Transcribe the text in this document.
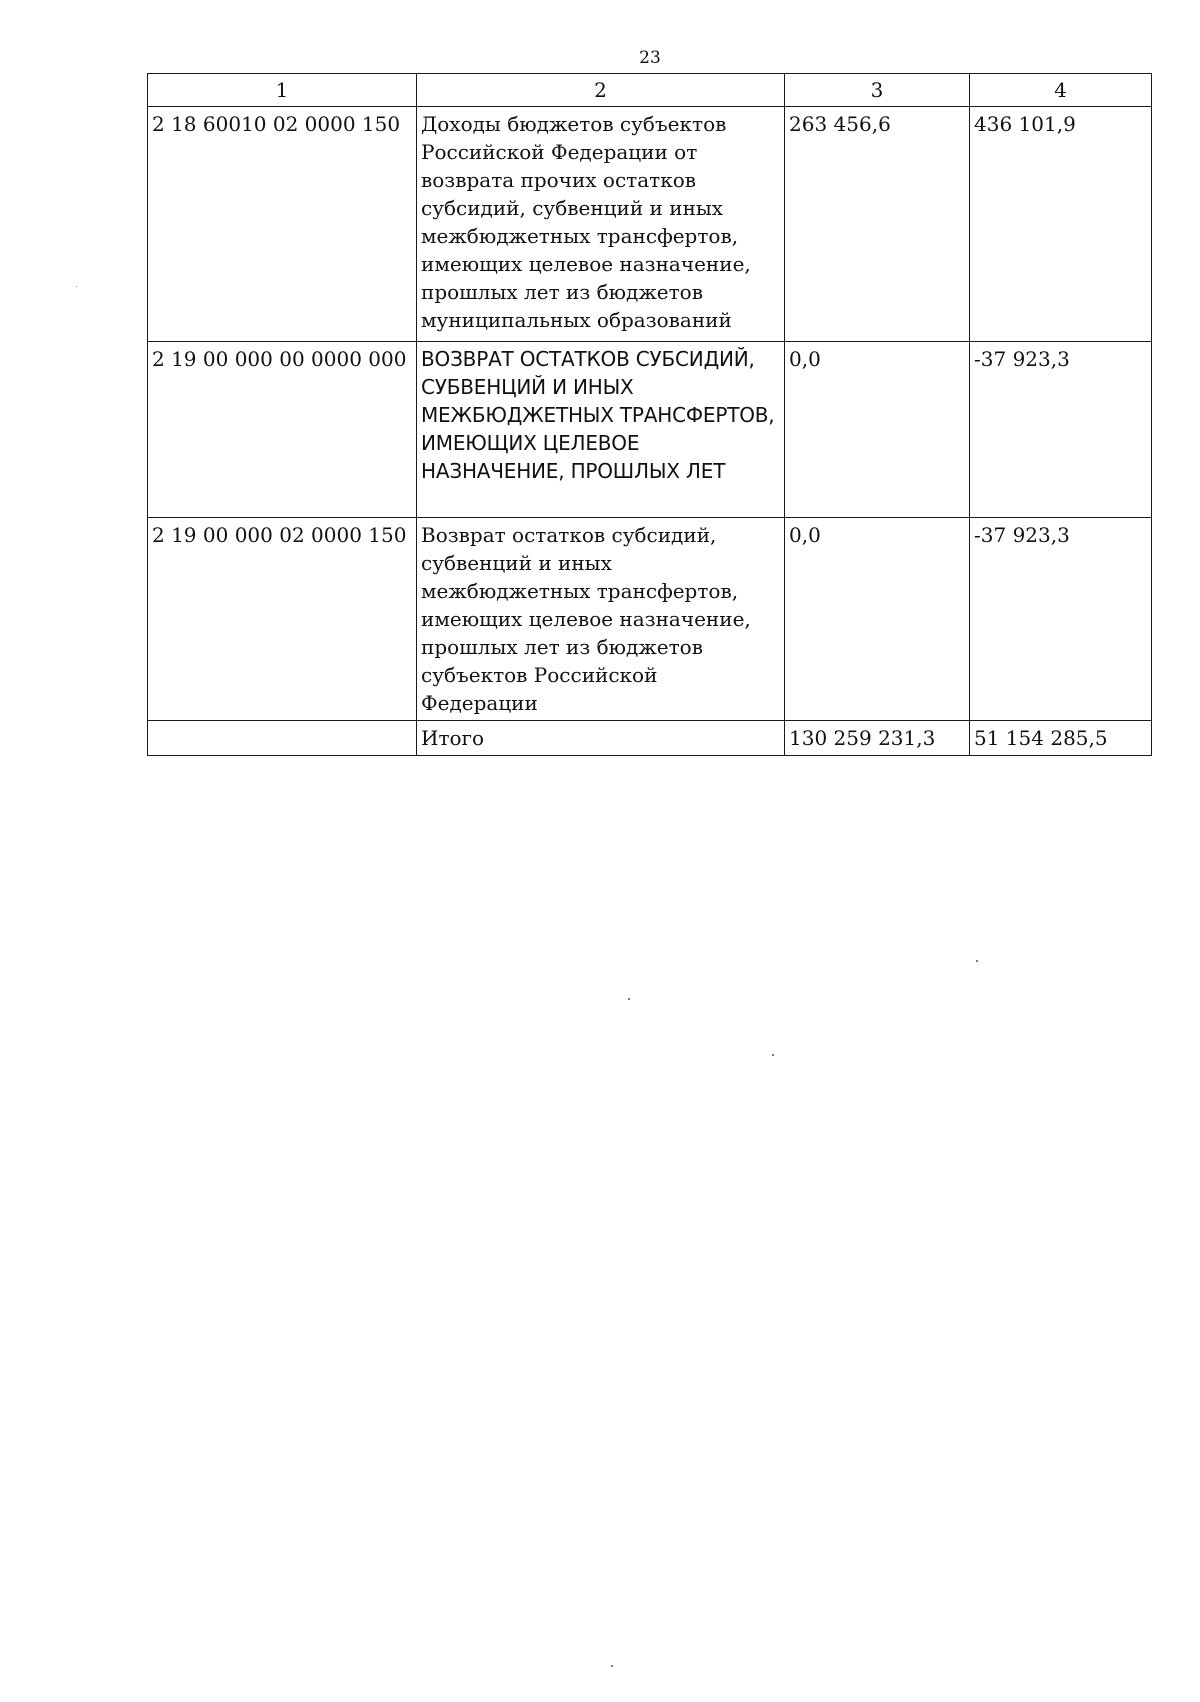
23
1	2	3	4
2 18 60010 02 0000 150	Доходы бюджетов субъектов Российской Федерации от возврата прочих остатков субсидий, субвенций и иных межбюджетных трансфертов, имеющих целевое назначение, прошлых лет из бюджетов муниципальных образований	263 456,6	436 101,9
2 19 00 000 00 0000 000	ВОЗВРАТ ОСТАТКОВ СУБСИДИЙ, СУБВЕНЦИЙ И ИНЫХ МЕЖБЮДЖЕТНЫХ ТРАНСФЕРТОВ, ИМЕЮЩИХ ЦЕЛЕВОЕ НАЗНАЧЕНИЕ, ПРОШЛЫХ ЛЕТ	0,0	-37 923,3
2 19 00 000 02 0000 150	Возврат остатков субсидий, субвенций и иных межбюджетных трансфертов, имеющих целевое назначение, прошлых лет из бюджетов субъектов Российской Федерации	0,0	-37 923,3
	Итого	130 259 231,3	51 154 285,5
